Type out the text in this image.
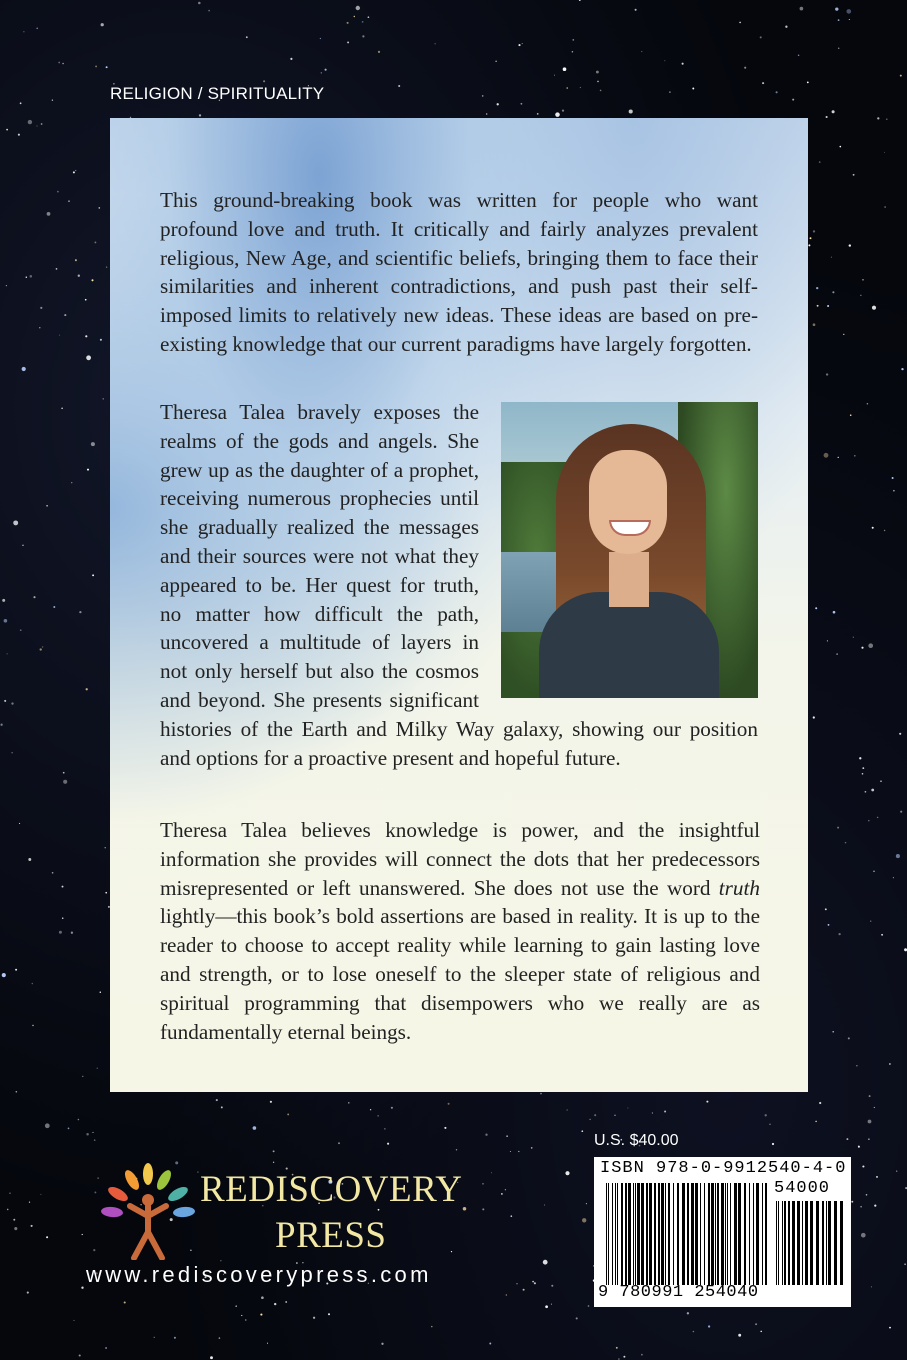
RELIGION / SPIRITUALITY

This ground-breaking book was written for people who want profound love and truth. It critically and fairly analyzes prevalent religious, New Age, and scientific beliefs, bringing them to face their similarities and inherent contradictions, and push past their self-imposed limits to relatively new ideas. These ideas are based on pre-existing knowledge that our current paradigms have largely forgotten.

Theresa Talea bravely exposes the realms of the gods and angels. She grew up as the daughter of a prophet, receiving numerous prophecies until she gradually realized the messages and their sources were not what they appeared to be. Her quest for truth, no matter how difficult the path, uncovered a multitude of layers in not only herself but also the cosmos and beyond. She presents significant histories of the Earth and Milky Way galaxy, showing our position and options for a proactive present and hopeful future.

Theresa Talea believes knowledge is power, and the insightful information she provides will connect the dots that her predecessors misrepresented or left unanswered. She does not use the word truth lightly—this book’s bold assertions are based in reality. It is up to the reader to choose to accept reality while learning to gain lasting love and strength, or to lose oneself to the sleeper state of religious and spiritual programming that disempowers who we really are as fundamentally eternal beings.

U.S. $40.00
ISBN 978-0-9912540-4-0
54000
9 780991 254040
REDISCOVERY
PRESS
www.rediscoverypress.com
